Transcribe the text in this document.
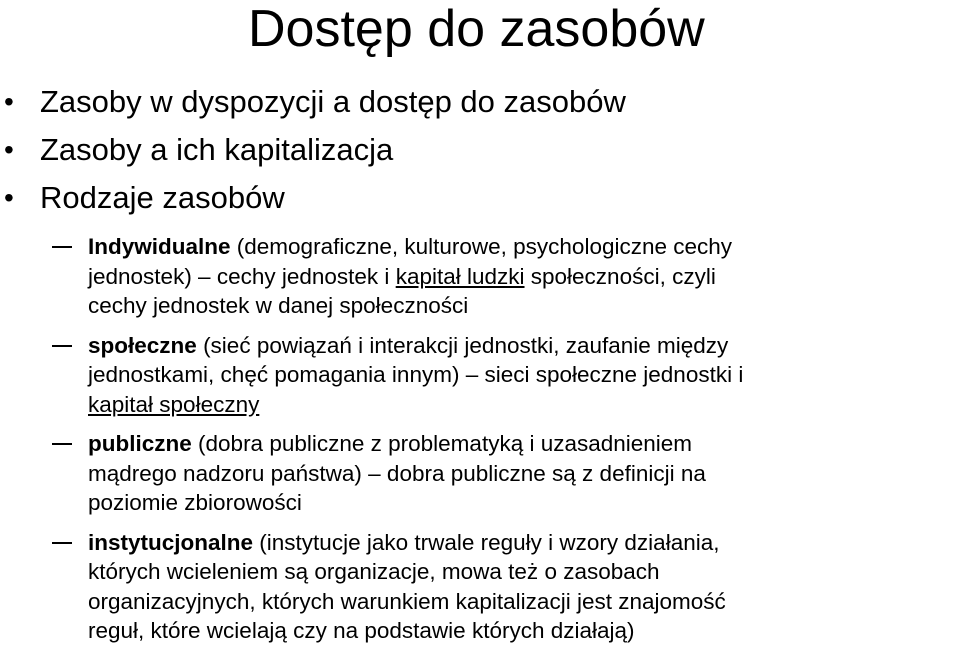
Dostęp do zasobów
• Zasoby w dyspozycji a dostęp do zasobów
• Zasoby a ich kapitalizacja
• Rodzaje zasobów
Indywidualne (demograficzne, kulturowe, psychologiczne cechy
jednostek) – cechy jednostek i kapitał ludzki społeczności, czyli
cechy jednostek w danej społeczności
społeczne (sieć powiązań i interakcji jednostki, zaufanie między
jednostkami, chęć pomagania innym) – sieci społeczne jednostki i
kapitał społeczny
publiczne (dobra publiczne z problematyką i uzasadnieniem
mądrego nadzoru państwa) – dobra publiczne są z definicji na
poziomie zbiorowości
instytucjonalne (instytucje jako trwale reguły i wzory działania,
których wcieleniem są organizacje, mowa też o zasobach
organizacyjnych, których warunkiem kapitalizacji jest znajomość
reguł, które wcielają czy na podstawie których działają)
